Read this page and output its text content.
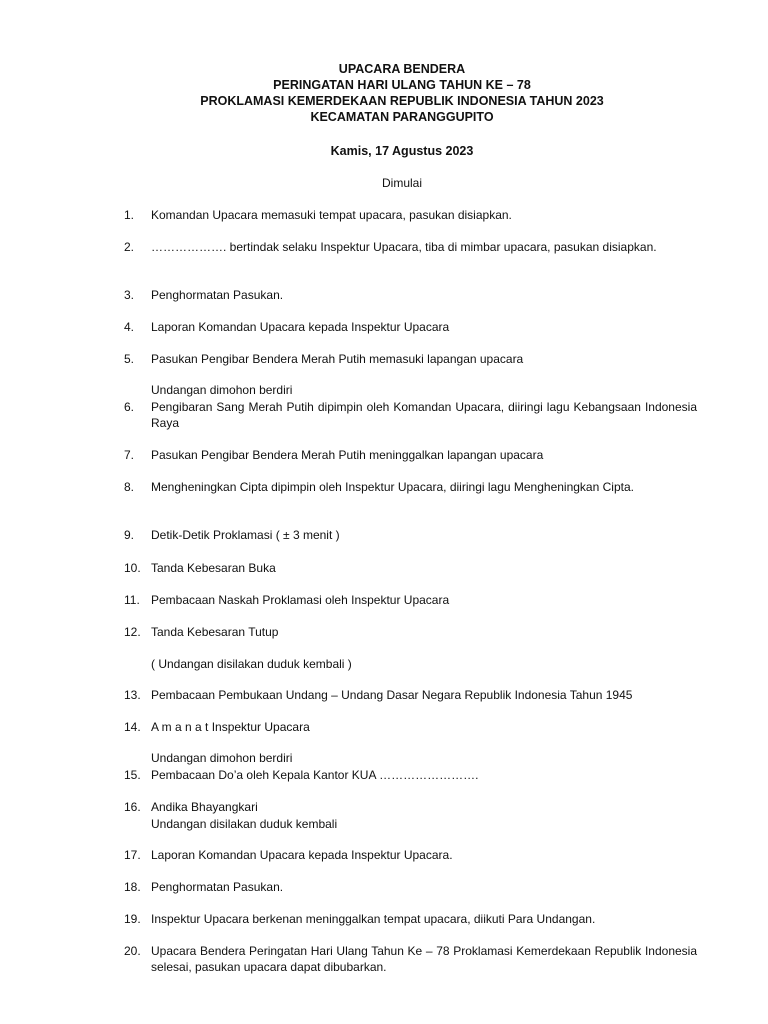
UPACARA BENDERA
PERINGATAN HARI ULANG TAHUN KE – 78
PROKLAMASI KEMERDEKAAN REPUBLIK INDONESIA TAHUN 2023
KECAMATAN PARANGGUPITO
Kamis, 17 Agustus 2023
Dimulai
1.	Komandan Upacara memasuki tempat upacara, pasukan disiapkan.
2.	………………. bertindak selaku Inspektur Upacara, tiba di mimbar upacara, pasukan disiapkan.
3.	Penghormatan Pasukan.
4.	Laporan Komandan Upacara kepada Inspektur Upacara
5.	Pasukan Pengibar Bendera Merah Putih memasuki lapangan upacara
Undangan dimohon berdiri
6.	Pengibaran Sang Merah Putih dipimpin oleh Komandan Upacara, diiringi lagu Kebangsaan Indonesia Raya
7.	Pasukan Pengibar Bendera Merah Putih meninggalkan lapangan upacara
8.	Mengheningkan Cipta dipimpin oleh Inspektur Upacara, diiringi lagu Mengheningkan Cipta.
9.	Detik-Detik Proklamasi ( ± 3 menit )
10. Tanda Kebesaran Buka
11. Pembacaan Naskah Proklamasi oleh Inspektur Upacara
12. Tanda Kebesaran Tutup
( Undangan disilakan duduk kembali )
13. Pembacaan Pembukaan Undang – Undang Dasar Negara Republik Indonesia Tahun 1945
14. A m a n a t Inspektur Upacara
Undangan dimohon berdiri
15. Pembacaan Do’a oleh Kepala Kantor KUA …………………….
16. Andika Bhayangkari
Undangan disilakan duduk kembali
17. Laporan Komandan Upacara kepada Inspektur Upacara.
18. Penghormatan Pasukan.
19. Inspektur Upacara berkenan meninggalkan tempat upacara, diikuti Para Undangan.
20. Upacara Bendera Peringatan Hari Ulang Tahun Ke – 78 Proklamasi Kemerdekaan Republik Indonesia selesai, pasukan upacara dapat dibubarkan.
